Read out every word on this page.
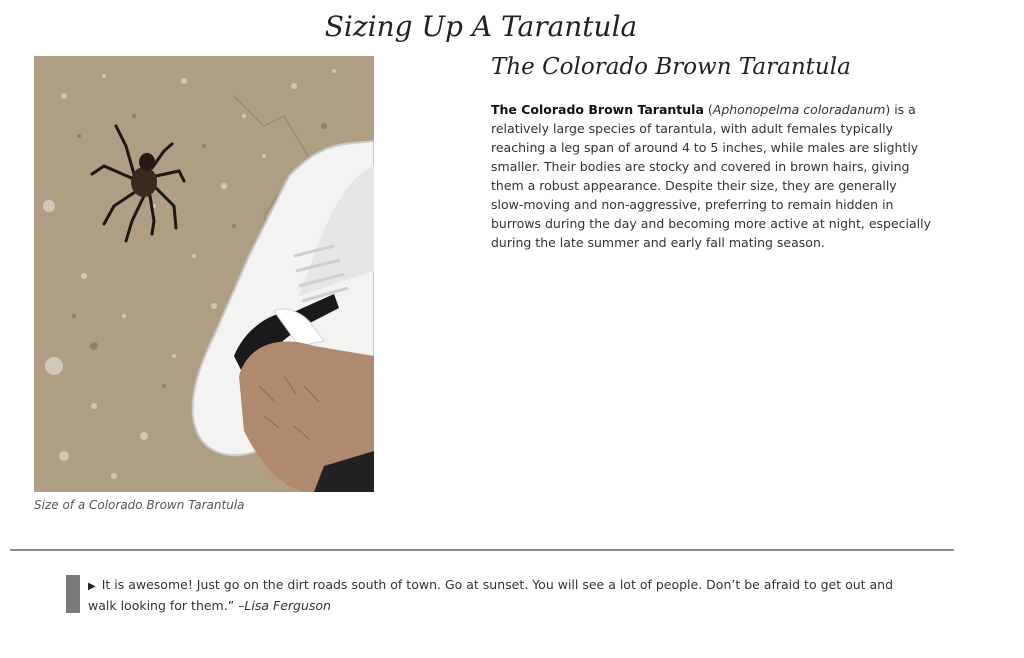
Sizing Up A Tarantula

Size of a Colorado Brown Tarantula

The Colorado Brown Tarantula

The Colorado Brown Tarantula (Aphonopelma coloradanum) is a relatively large species of tarantula, with adult females typically reaching a leg span of around 4 to 5 inches, while males are slightly smaller. Their bodies are stocky and covered in brown hairs, giving them a robust appearance. Despite their size, they are generally slow-moving and non-aggressive, preferring to remain hidden in burrows during the day and becoming more active at night, especially during the late summer and early fall mating season.

▶ It is awesome! Just go on the dirt roads south of town. Go at sunset. You will see a lot of people. Don’t be afraid to get out and walk looking for them.” –Lisa Ferguson
